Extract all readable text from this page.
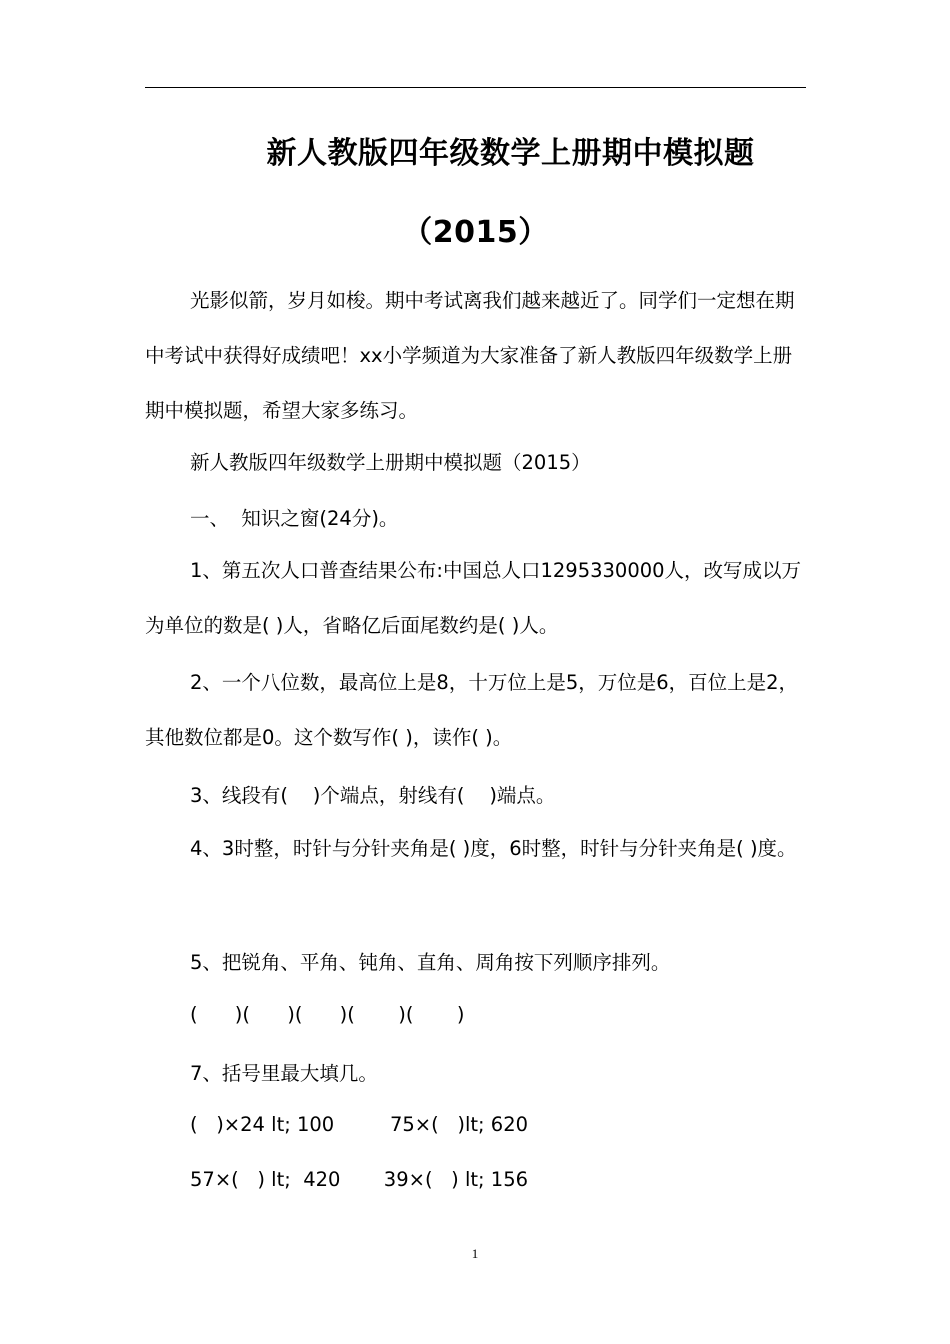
新人教版四年级数学上册期中模拟题
（2015）

光影似箭，岁月如梭。期中考试离我们越来越近了。同学们一定想在期中考试中获得好成绩吧！xx小学频道为大家准备了新人教版四年级数学上册期中模拟题，希望大家多练习。

新人教版四年级数学上册期中模拟题（2015）

一、  知识之窗(24分)。

1、第五次人口普查结果公布:中国总人口1295330000人，改写成以万为单位的数是( )人，省略亿后面尾数约是( )人。

2、一个八位数，最高位上是8，十万位上是5，万位是6，百位上是2，其他数位都是0。这个数写作( )，读作( )。

3、线段有(    )个端点，射线有(    )端点。

4、3时整，时针与分针夹角是( )度，6时整，时针与分针夹角是( )度。

5、把锐角、平角、钝角、直角、周角按下列顺序排列。

(      )(      )(      )(       )(       )

7、括号里最大填几。

(   )×24 lt; 100         75×(   )lt; 620

57×(   ) lt;  420       39×(   ) lt; 156

1
